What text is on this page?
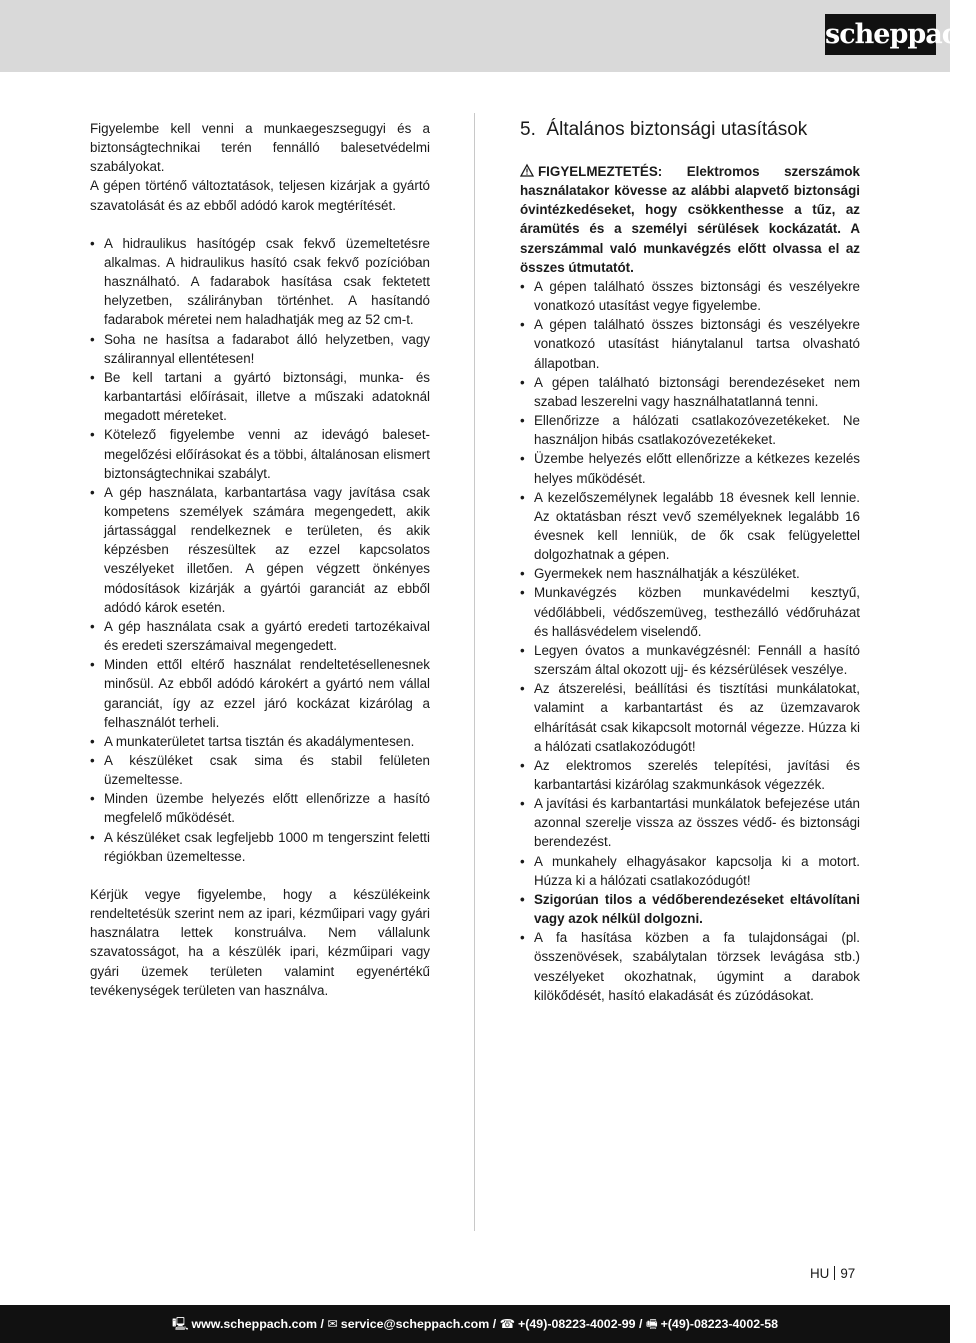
scheppach

Figyelembe kell venni a munkaegeszsegugyi és a biztonságtechnikai terén fennálló balesetvédelmi szabályokat.

A gépen történő változtatások, teljesen kizárjak a gyártó szavatolását és az ebből adódó karok megtérítését.

• A hidraulikus hasítógép csak fekvő üzemeltetésre alkalmas. A hidraulikus hasító csak fekvő pozícióban használható. A fadarabok hasítása csak fektetett helyzetben, szálirányban történhet. A hasítandó fadarabok méretei nem haladhatják meg az 52 cm-t.
• Soha ne hasítsa a fadarabot álló helyzetben, vagy szálirannyal ellentétesen!
• Be kell tartani a gyártó biztonsági, munka- és karbantartási előírásait, illetve a műszaki adatoknál megadott méreteket.
• Kötelező figyelembe venni az idevágó baleset-megelőzési előírásokat és a többi, általánosan elismert biztonságtechnikai szabályt.
• A gép használata, karbantartása vagy javítása csak kompetens személyek számára megengedett, akik jártassággal rendelkeznek e területen, és akik képzésben részesültek az ezzel kapcsolatos veszélyeket illetően. A gépen végzett önkényes módosítások kizárják a gyártói garanciát az ebből adódó károk esetén.
• A gép használata csak a gyártó eredeti tartozékaival és eredeti szerszámaival megengedett.
• Minden ettől eltérő használat rendeltetésellenesnek minősül. Az ebből adódó károkért a gyártó nem vállal garanciát, így az ezzel járó kockázat kizárólag a felhasználót terheli.
• A munkaterületet tartsa tisztán és akadálymentesen.
• A készüléket csak sima és stabil felületen üzemeltesse.
• Minden üzembe helyezés előtt ellenőrizze a hasító megfelelő működését.
• A készüléket csak legfeljebb 1000 m tengerszint feletti régiókban üzemeltesse.

Kérjük vegye figyelembe, hogy a készülékeink rendeltetésük szerint nem az ipari, kézműipari vagy gyári használatra lettek konstruálva. Nem vállalunk szavatosságot, ha a készülék ipari, kézműipari vagy gyári üzemek területen valamint egyenértékű tevékenységek területen van használva.

5. Általános biztonsági utasítások

FIGYELMEZTETÉS: Elektromos szerszámok használatakor kövesse az alábbi alapvető biztonsági óvintézkedéseket, hogy csökkenthesse a tűz, az áramütés és a személyi sérülések kockázatát. A szerszámmal való munkavégzés előtt olvassa el az összes útmutatót.

• A gépen található összes biztonsági és veszélyekre vonatkozó utasítást vegye figyelembe.
• A gépen található összes biztonsági és veszélyekre vonatkozó utasítást hiánytalanul tartsa olvasható állapotban.
• A gépen található biztonsági berendezéseket nem szabad leszerelni vagy használhatatlanná tenni.
• Ellenőrizze a hálózati csatlakozóvezetékeket. Ne használjon hibás csatlakozóvezetékeket.
• Üzembe helyezés előtt ellenőrizze a kétkezes kezelés helyes működését.
• A kezelőszemélynek legalább 18 évesnek kell lennie. Az oktatásban részt vevő személyeknek legalább 16 évesnek kell lenniük, de ők csak felügyelettel dolgozhatnak a gépen.
• Gyermekek nem használhatják a készüléket.
• Munkavégzés közben munkavédelmi kesztyű, védőlábbeli, védőszemüveg, testhezálló védőruházat és hallásvédelem viselendő.
• Legyen óvatos a munkavégzésnél: Fennáll a hasító szerszám által okozott ujj- és kézsérülések veszélye.
• Az átszerelési, beállítási és tisztítási munkálatokat, valamint a karbantartást és az üzemzavarok elhárítását csak kikapcsolt motornál végezze. Húzza ki a hálózati csatlakozódugót!
• Az elektromos szerelés telepítési, javítási és karbantartási kizárólag szakmunkások végezzék.
• A javítási és karbantartási munkálatok befejezése után azonnal szerelje vissza az összes védő- és biztonsági berendezést.
• A munkahely elhagyásakor kapcsolja ki a motort. Húzza ki a hálózati csatlakozódugót!
• Szigorúan tilos a védőberendezéseket eltávolítani vagy azok nélkül dolgozni.
• A fa hasítása közben a fa tulajdonságai (pl. összenövések, szabálytalan törzsek levágása stb.) veszélyeket okozhatnak, úgymint a darabok kilökődését, hasító elakadását és zúzódásokat.
HU 97
🖳 www.scheppach.com / ✉ service@scheppach.com / ☎ +(49)-08223-4002-99 / 🖷 +(49)-08223-4002-58
